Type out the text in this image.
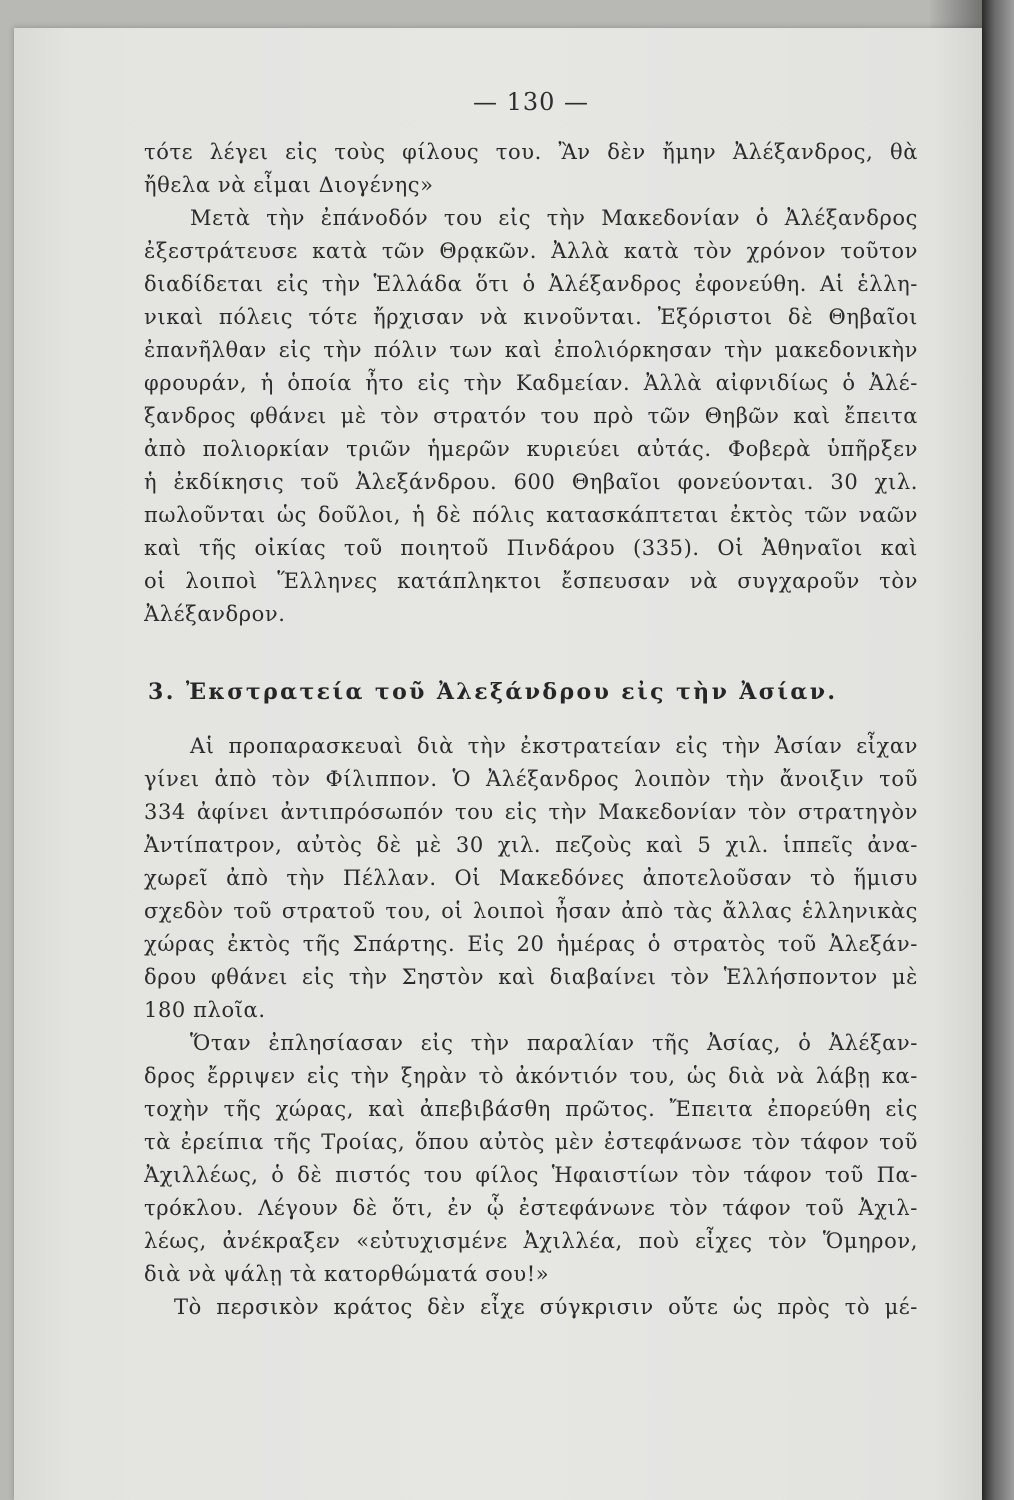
— 130 —
τότε λέγει εἰς τοὺς φίλους του. Ἂν δὲν ἤμην Ἀλέξανδρος, θὰ
ἤθελα νὰ εἶμαι Διογένης»
Μετὰ τὴν ἐπάνοδόν του εἰς τὴν Μακεδονίαν ὁ Ἀλέξανδρος
ἐξεστράτευσε κατὰ τῶν Θρᾳκῶν. Ἀλλὰ κατὰ τὸν χρόνον τοῦτον
διαδίδεται εἰς τὴν Ἑλλάδα ὅτι ὁ Ἀλέξανδρος ἐφονεύθη. Αἱ ἑλλη-
νικαὶ πόλεις τότε ἤρχισαν νὰ κινοῦνται. Ἐξόριστοι δὲ Θηβαῖοι
ἐπανῆλθαν εἰς τὴν πόλιν των καὶ ἐπολιόρκησαν τὴν μακεδονικὴν
φρουράν, ἡ ὁποία ἦτο εἰς τὴν Καδμείαν. Ἀλλὰ αἰφνιδίως ὁ Ἀλέ-
ξανδρος φθάνει μὲ τὸν στρατόν του πρὸ τῶν Θηβῶν καὶ ἔπειτα
ἀπὸ πολιορκίαν τριῶν ἡμερῶν κυριεύει αὐτάς. Φοβερὰ ὑπῆρξεν
ἡ ἐκδίκησις τοῦ Ἀλεξάνδρου. 600 Θηβαῖοι φονεύονται. 30 χιλ.
πωλοῦνται ὡς δοῦλοι, ἡ δὲ πόλις κατασκάπτεται ἐκτὸς τῶν ναῶν
καὶ τῆς οἰκίας τοῦ ποιητοῦ Πινδάρου (335). Οἱ Ἀθηναῖοι καὶ
οἱ λοιποὶ Ἕλληνες κατάπληκτοι ἔσπευσαν νὰ συγχαροῦν τὸν
Ἀλέξανδρον.
3. Ἐκστρατεία τοῦ Ἀλεξάνδρου εἰς τὴν Ἀσίαν.
Αἱ προπαρασκευαὶ διὰ τὴν ἐκστρατείαν εἰς τὴν Ἀσίαν εἶχαν
γίνει ἀπὸ τὸν Φίλιππον. Ὁ Ἀλέξανδρος λοιπὸν τὴν ἄνοιξιν τοῦ
334 ἀφίνει ἀντιπρόσωπόν του εἰς τὴν Μακεδονίαν τὸν στρατηγὸν
Ἀντίπατρον, αὐτὸς δὲ μὲ 30 χιλ. πεζοὺς καὶ 5 χιλ. ἱππεῖς ἀνα-
χωρεῖ ἀπὸ τὴν Πέλλαν. Οἱ Μακεδόνες ἀποτελοῦσαν τὸ ἥμισυ
σχεδὸν τοῦ στρατοῦ του, οἱ λοιποὶ ἦσαν ἀπὸ τὰς ἄλλας ἑλληνικὰς
χώρας ἐκτὸς τῆς Σπάρτης. Εἰς 20 ἡμέρας ὁ στρατὸς τοῦ Ἀλεξάν-
δρου φθάνει εἰς τὴν Σηστὸν καὶ διαβαίνει τὸν Ἑλλήσποντον μὲ
180 πλοῖα.
Ὅταν ἐπλησίασαν εἰς τὴν παραλίαν τῆς Ἀσίας, ὁ Ἀλέξαν-
δρος ἔρριψεν εἰς τὴν ξηρὰν τὸ ἀκόντιόν του, ὡς διὰ νὰ λάβῃ κα-
τοχὴν τῆς χώρας, καὶ ἀπεβιβάσθη πρῶτος. Ἔπειτα ἐπορεύθη εἰς
τὰ ἐρείπια τῆς Τροίας, ὅπου αὐτὸς μὲν ἐστεφάνωσε τὸν τάφον τοῦ
Ἀχιλλέως, ὁ δὲ πιστός του φίλος Ἡφαιστίων τὸν τάφον τοῦ Πα-
τρόκλου. Λέγουν δὲ ὅτι, ἐν ᾧ ἐστεφάνωνε τὸν τάφον τοῦ Ἀχιλ-
λέως, ἀνέκραξεν «εὐτυχισμένε Ἀχιλλέα, ποὺ εἶχες τὸν Ὅμηρον,
διὰ νὰ ψάλῃ τὰ κατορθώματά σου!»
Τὸ περσικὸν κράτος δὲν εἶχε σύγκρισιν οὔτε ὡς πρὸς τὸ μέ-
